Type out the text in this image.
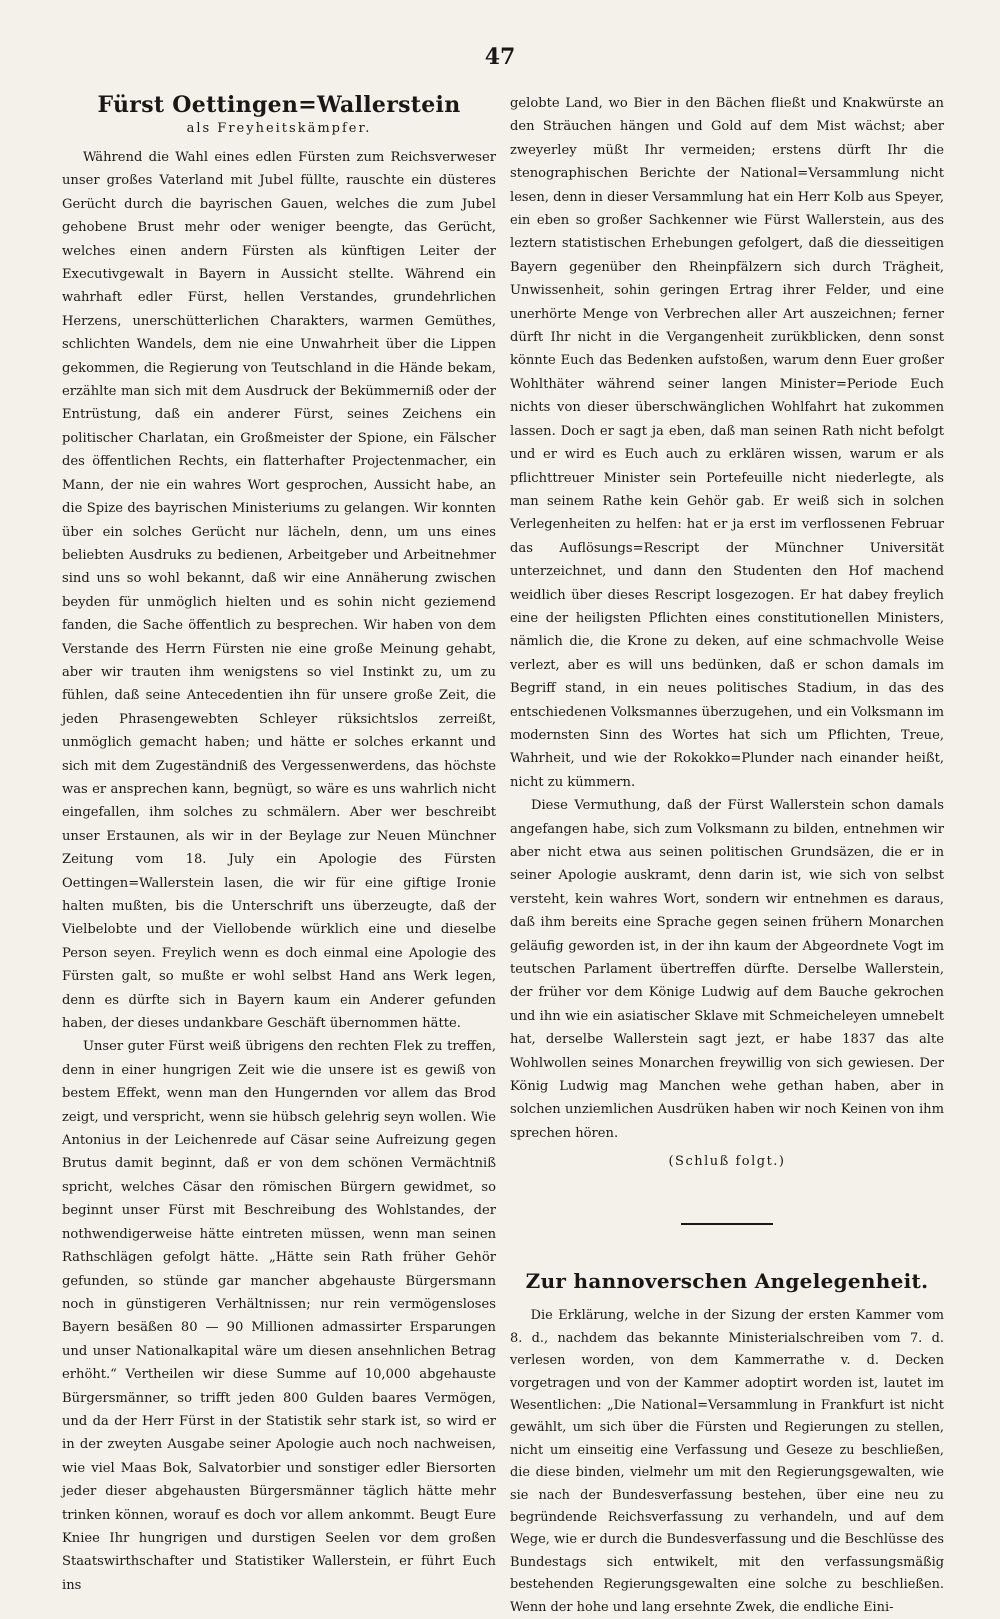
47
Fürst Oettingen=Wallerstein
als Freyheitskämpfer.

Während die Wahl eines edlen Fürsten zum Reichsverweser unser großes Vaterland mit Jubel füllte, rauschte ein düsteres Gerücht durch die bayrischen Gauen, welches die zum Jubel gehobene Brust mehr oder weniger beengte, das Gerücht, welches einen andern Fürsten als künftigen Leiter der Executivgewalt in Bayern in Aussicht stellte. Während ein wahrhaft edler Fürst, hellen Verstandes, grundehrlichen Herzens, unerschütterlichen Charakters, warmen Gemüthes, schlichten Wandels, dem nie eine Unwahrheit über die Lippen gekommen, die Regierung von Teutschland in die Hände bekam, erzählte man sich mit dem Ausdruck der Bekümmerniß oder der Entrüstung, daß ein anderer Fürst, seines Zeichens ein politischer Charlatan, ein Großmeister der Spione, ein Fälscher des öffentlichen Rechts, ein flatterhafter Projectenmacher, ein Mann, der nie ein wahres Wort gesprochen, Aussicht habe, an die Spize des bayrischen Ministeriums zu gelangen. Wir konnten über ein solches Gerücht nur lächeln, denn, um uns eines beliebten Ausdruks zu bedienen, Arbeitgeber und Arbeitnehmer sind uns so wohl bekannt, daß wir eine Annäherung zwischen beyden für unmöglich hielten und es sohin nicht geziemend fanden, die Sache öffentlich zu besprechen. Wir haben von dem Verstande des Herrn Fürsten nie eine große Meinung gehabt, aber wir trauten ihm wenigstens so viel Instinkt zu, um zu fühlen, daß seine Antecedentien ihn für unsere große Zeit, die jeden Phrasengewebten Schleyer rüksichtslos zerreißt, unmöglich gemacht haben; und hätte er solches erkannt und sich mit dem Zugeständniß des Vergessenwerdens, das höchste was er ansprechen kann, begnügt, so wäre es uns wahrlich nicht eingefallen, ihm solches zu schmälern. Aber wer beschreibt unser Erstaunen, als wir in der Beylage zur Neuen Münchner Zeitung vom 18. July ein Apologie des Fürsten Oettingen=Wallerstein lasen, die wir für eine giftige Ironie halten mußten, bis die Unterschrift uns überzeugte, daß der Vielbelobte und der Viellobende würklich eine und dieselbe Person seyen. Freylich wenn es doch einmal eine Apologie des Fürsten galt, so mußte er wohl selbst Hand ans Werk legen, denn es dürfte sich in Bayern kaum ein Anderer gefunden haben, der dieses undankbare Geschäft übernommen hätte.

Unser guter Fürst weiß übrigens den rechten Flek zu treffen, denn in einer hungrigen Zeit wie die unsere ist es gewiß von bestem Effekt, wenn man den Hungernden vor allem das Brod zeigt, und verspricht, wenn sie hübsch gelehrig seyn wollen. Wie Antonius in der Leichenrede auf Cäsar seine Aufreizung gegen Brutus damit beginnt, daß er von dem schönen Vermächtniß spricht, welches Cäsar den römischen Bürgern gewidmet, so beginnt unser Fürst mit Beschreibung des Wohlstandes, der nothwendigerweise hätte eintreten müssen, wenn man seinen Rathschlägen gefolgt hätte. „Hätte sein Rath früher Gehör gefunden, so stünde gar mancher abgehauste Bürgersmann noch in günstigeren Verhältnissen; nur rein vermögensloses Bayern besäßen 80 — 90 Millionen admassirter Ersparungen und unser Nationalkapital wäre um diesen ansehnlichen Betrag erhöht.“ Vertheilen wir diese Summe auf 10,000 abgehauste Bürgersmänner, so trifft jeden 800 Gulden baares Vermögen, und da der Herr Fürst in der Statistik sehr stark ist, so wird er in der zweyten Ausgabe seiner Apologie auch noch nachweisen, wie viel Maas Bok, Salvatorbier und sonstiger edler Biersorten jeder dieser abgehausten Bürgersmänner täglich hätte mehr trinken können, worauf es doch vor allem ankommt. Beugt Eure Kniee Ihr hungrigen und durstigen Seelen vor dem großen Staatswirthschafter und Statistiker Wallerstein, er führt Euch ins

gelobte Land, wo Bier in den Bächen fließt und Knakwürste an den Sträuchen hängen und Gold auf dem Mist wächst; aber zweyerley müßt Ihr vermeiden; erstens dürft Ihr die stenographischen Berichte der National=Versammlung nicht lesen, denn in dieser Versammlung hat ein Herr Kolb aus Speyer, ein eben so großer Sachkenner wie Fürst Wallerstein, aus des leztern statistischen Erhebungen gefolgert, daß die diesseitigen Bayern gegenüber den Rheinpfälzern sich durch Trägheit, Unwissenheit, sohin geringen Ertrag ihrer Felder, und eine unerhörte Menge von Verbrechen aller Art auszeichnen; ferner dürft Ihr nicht in die Vergangenheit zurükblicken, denn sonst könnte Euch das Bedenken aufstoßen, warum denn Euer großer Wohlthäter während seiner langen Minister=Periode Euch nichts von dieser überschwänglichen Wohlfahrt hat zukommen lassen. Doch er sagt ja eben, daß man seinen Rath nicht befolgt und er wird es Euch auch zu erklären wissen, warum er als pflichttreuer Minister sein Portefeuille nicht niederlegte, als man seinem Rathe kein Gehör gab. Er weiß sich in solchen Verlegenheiten zu helfen: hat er ja erst im verflossenen Februar das Auflösungs=Rescript der Münchner Universität unterzeichnet, und dann den Studenten den Hof machend weidlich über dieses Rescript losgezogen. Er hat dabey freylich eine der heiligsten Pflichten eines constitutionellen Ministers, nämlich die, die Krone zu deken, auf eine schmachvolle Weise verlezt, aber es will uns bedünken, daß er schon damals im Begriff stand, in ein neues politisches Stadium, in das des entschiedenen Volksmannes überzugehen, und ein Volksmann im modernsten Sinn des Wortes hat sich um Pflichten, Treue, Wahrheit, und wie der Rokokko=Plunder nach einander heißt, nicht zu kümmern.

Diese Vermuthung, daß der Fürst Wallerstein schon damals angefangen habe, sich zum Volksmann zu bilden, entnehmen wir aber nicht etwa aus seinen politischen Grundsäzen, die er in seiner Apologie auskramt, denn darin ist, wie sich von selbst versteht, kein wahres Wort, sondern wir entnehmen es daraus, daß ihm bereits eine Sprache gegen seinen frühern Monarchen geläufig geworden ist, in der ihn kaum der Abgeordnete Vogt im teutschen Parlament übertreffen dürfte. Derselbe Wallerstein, der früher vor dem Könige Ludwig auf dem Bauche gekrochen und ihn wie ein asiatischer Sklave mit Schmeicheleyen umnebelt hat, derselbe Wallerstein sagt jezt, er habe 1837 das alte Wohlwollen seines Monarchen freywillig von sich gewiesen. Der König Ludwig mag Manchen wehe gethan haben, aber in solchen unziemlichen Ausdrüken haben wir noch Keinen von ihm sprechen hören.

(Schluß folgt.)
Zur hannoverschen Angelegenheit.

Die Erklärung, welche in der Sizung der ersten Kammer vom 8. d., nachdem das bekannte Ministerialschreiben vom 7. d. verlesen worden, von dem Kammerrathe v. d. Decken vorgetragen und von der Kammer adoptirt worden ist, lautet im Wesentlichen: „Die National=Versammlung in Frankfurt ist nicht gewählt, um sich über die Fürsten und Regierungen zu stellen, nicht um einseitig eine Verfassung und Geseze zu beschließen, die diese binden, vielmehr um mit den Regierungsgewalten, wie sie nach der Bundesverfassung bestehen, über eine neu zu begründende Reichsverfassung zu verhandeln, und auf dem Wege, wie er durch die Bundesverfassung und die Beschlüsse des Bundestags sich entwikelt, mit den verfassungsmäßig bestehenden Regierungsgewalten eine solche zu beschließen. Wenn der hohe und lang ersehnte Zwek, die endliche Eini-
